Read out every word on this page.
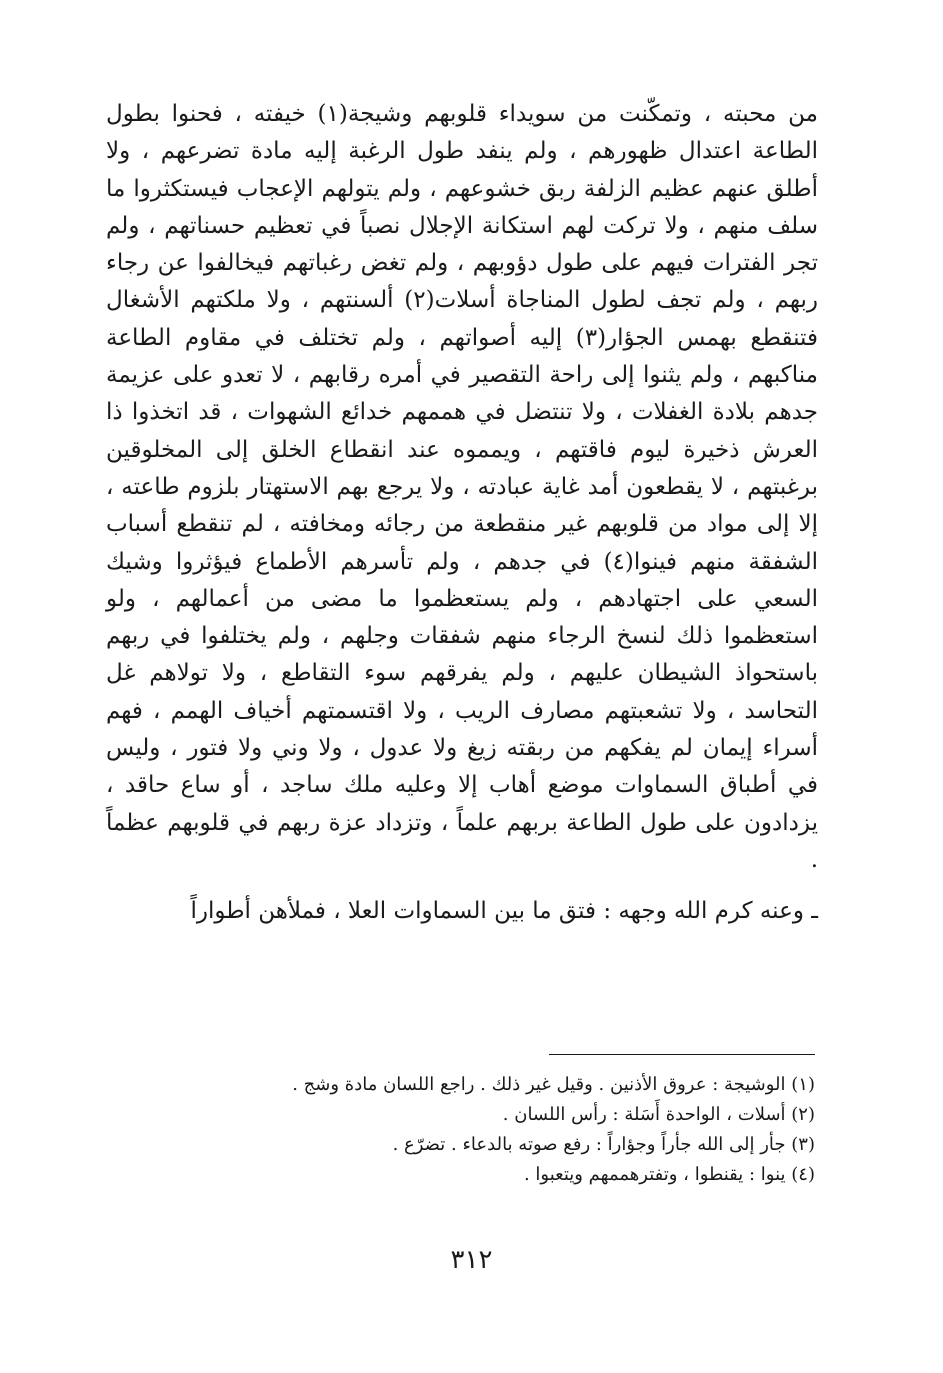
من محبته ، وتمكّنت من سويداء قلوبهم وشيجة(١) خيفته ، فحنوا بطول الطاعة اعتدال ظهورهم ، ولم ينفد طول الرغبة إليه مادة تضرعهم ، ولا أطلق عنهم عظيم الزلفة ربق خشوعهم ، ولم يتولهم الإعجاب فيستكثروا ما سلف منهم ، ولا تركت لهم استكانة الإجلال نصباً في تعظيم حسناتهم ، ولم تجر الفترات فيهم على طول دؤوبهم ، ولم تغض رغباتهم فيخالفوا عن رجاء ربهم ، ولم تجف لطول المناجاة أسلات(٢) ألسنتهم ، ولا ملكتهم الأشغال فتنقطع بهمس الجؤار(٣) إليه أصواتهم ، ولم تختلف في مقاوم الطاعة مناكبهم ، ولم يثنوا إلى راحة التقصير في أمره رقابهم ، لا تعدو على عزيمة جدهم بلادة الغفلات ، ولا تنتضل في هممهم خدائع الشهوات ، قد اتخذوا ذا العرش ذخيرة ليوم فاقتهم ، ويمموه عند انقطاع الخلق إلى المخلوقين برغبتهم ، لا يقطعون أمد غاية عبادته ، ولا يرجع بهم الاستهتار بلزوم طاعته ، إلا إلى مواد من قلوبهم غير منقطعة من رجائه ومخافته ، لم تنقطع أسباب الشفقة منهم فينوا(٤) في جدهم ، ولم تأسرهم الأطماع فيؤثروا وشيك السعي على اجتهادهم ، ولم يستعظموا ما مضى من أعمالهم ، ولو استعظموا ذلك لنسخ الرجاء منهم شفقات وجلهم ، ولم يختلفوا في ربهم باستحواذ الشيطان عليهم ، ولم يفرقهم سوء التقاطع ، ولا تولاهم غل التحاسد ، ولا تشعبتهم مصارف الريب ، ولا اقتسمتهم أخياف الهمم ، فهم أسراء إيمان لم يفكهم من ربقته زيغ ولا عدول ، ولا وني ولا فتور ، وليس في أطباق السماوات موضع أهاب إلا وعليه ملك ساجد ، أو ساع حاقد ، يزدادون على طول الطاعة بربهم علماً ، وتزداد عزة ربهم في قلوبهم عظماً .

ـ وعنه كرم الله وجهه : فتق ما بين السماوات العلا ، فملأهن أطواراً

(١) الوشيجة : عروق الأذنين . وقيل غير ذلك . راجع اللسان مادة وشج .

(٢) أسلات ، الواحدة أَسَلة : رأس اللسان .

(٣) جأر إلى الله جأراً وجؤاراً : رفع صوته بالدعاء . تضرّع .

(٤) ينوا : يقنطوا ، وتفترهممهم ويتعبوا .

٣١٢
